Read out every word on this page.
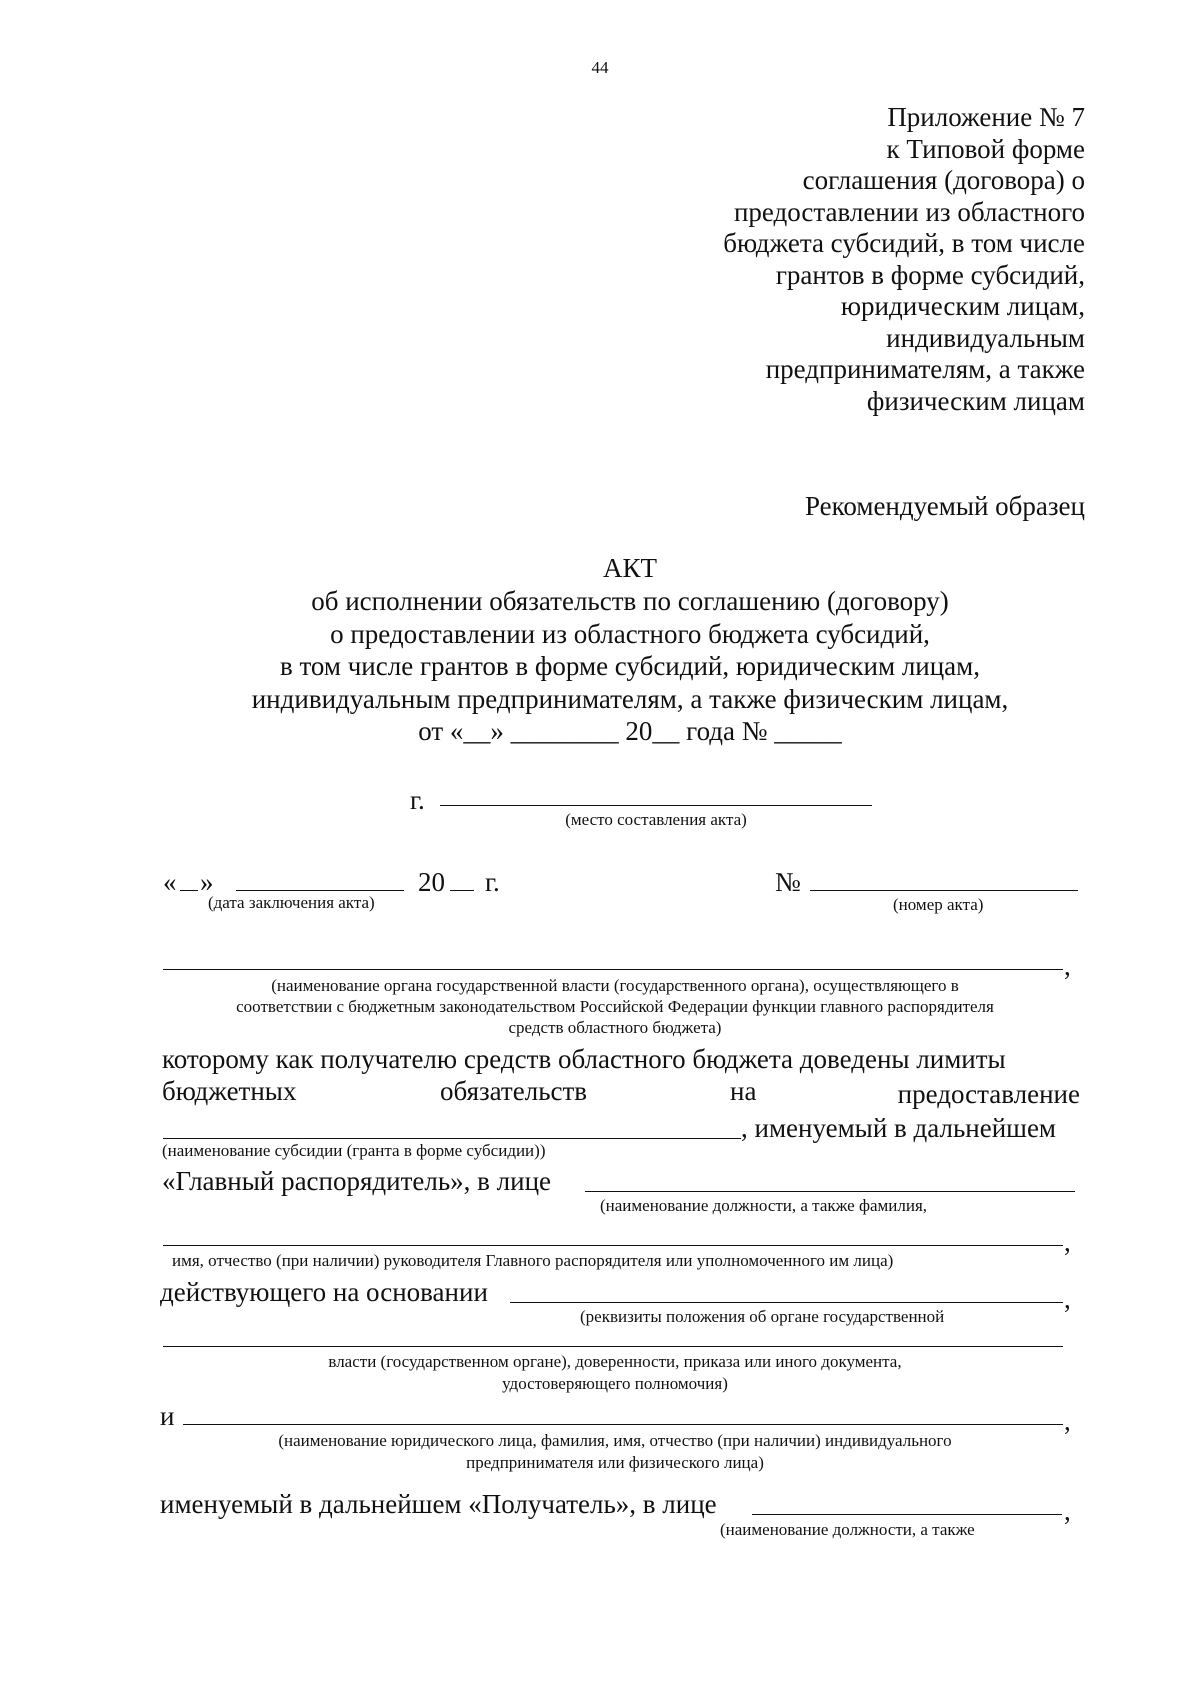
44
Приложение № 7
к Типовой форме
соглашения (договора) о
предоставлении из областного
бюджета субсидий, в том числе
грантов в форме субсидий,
юридическим лицам,
индивидуальным
предпринимателям, а также
физическим лицам
Рекомендуемый образец
АКТ
об исполнении обязательств по соглашению (договору)
о предоставлении из областного бюджета субсидий,
в том числе грантов в форме субсидий, юридическим лицам,
индивидуальным предпринимателям, а также физическим лицам,
от «__» ________ 20__ года № _____
г.
(место составления акта)
« »	20 г.
(дата заключения акта)
№
(номер акта)
,
(наименование органа государственной власти (государственного органа), осуществляющего в
соответствии с бюджетным законодательством Российской Федерации функции главного распорядителя
средств областного бюджета)
которому как получателю средств областного бюджета доведены лимиты
бюджетных	обязательств	на	предоставление
, именуемый в дальнейшем
(наименование субсидии (гранта в форме субсидии))
«Главный распорядитель», в лице
(наименование должности, а также фамилия,
,
имя, отчество (при наличии) руководителя Главного распорядителя или уполномоченного им лица)
действующего на основании	,
(реквизиты положения об органе государственной
власти (государственном органе), доверенности, приказа или иного документа,
удостоверяющего полномочия)
и	,
(наименование юридического лица, фамилия, имя, отчество (при наличии) индивидуального
предпринимателя или физического лица)
именуемый в дальнейшем «Получатель», в лице	,
(наименование должности, а также
